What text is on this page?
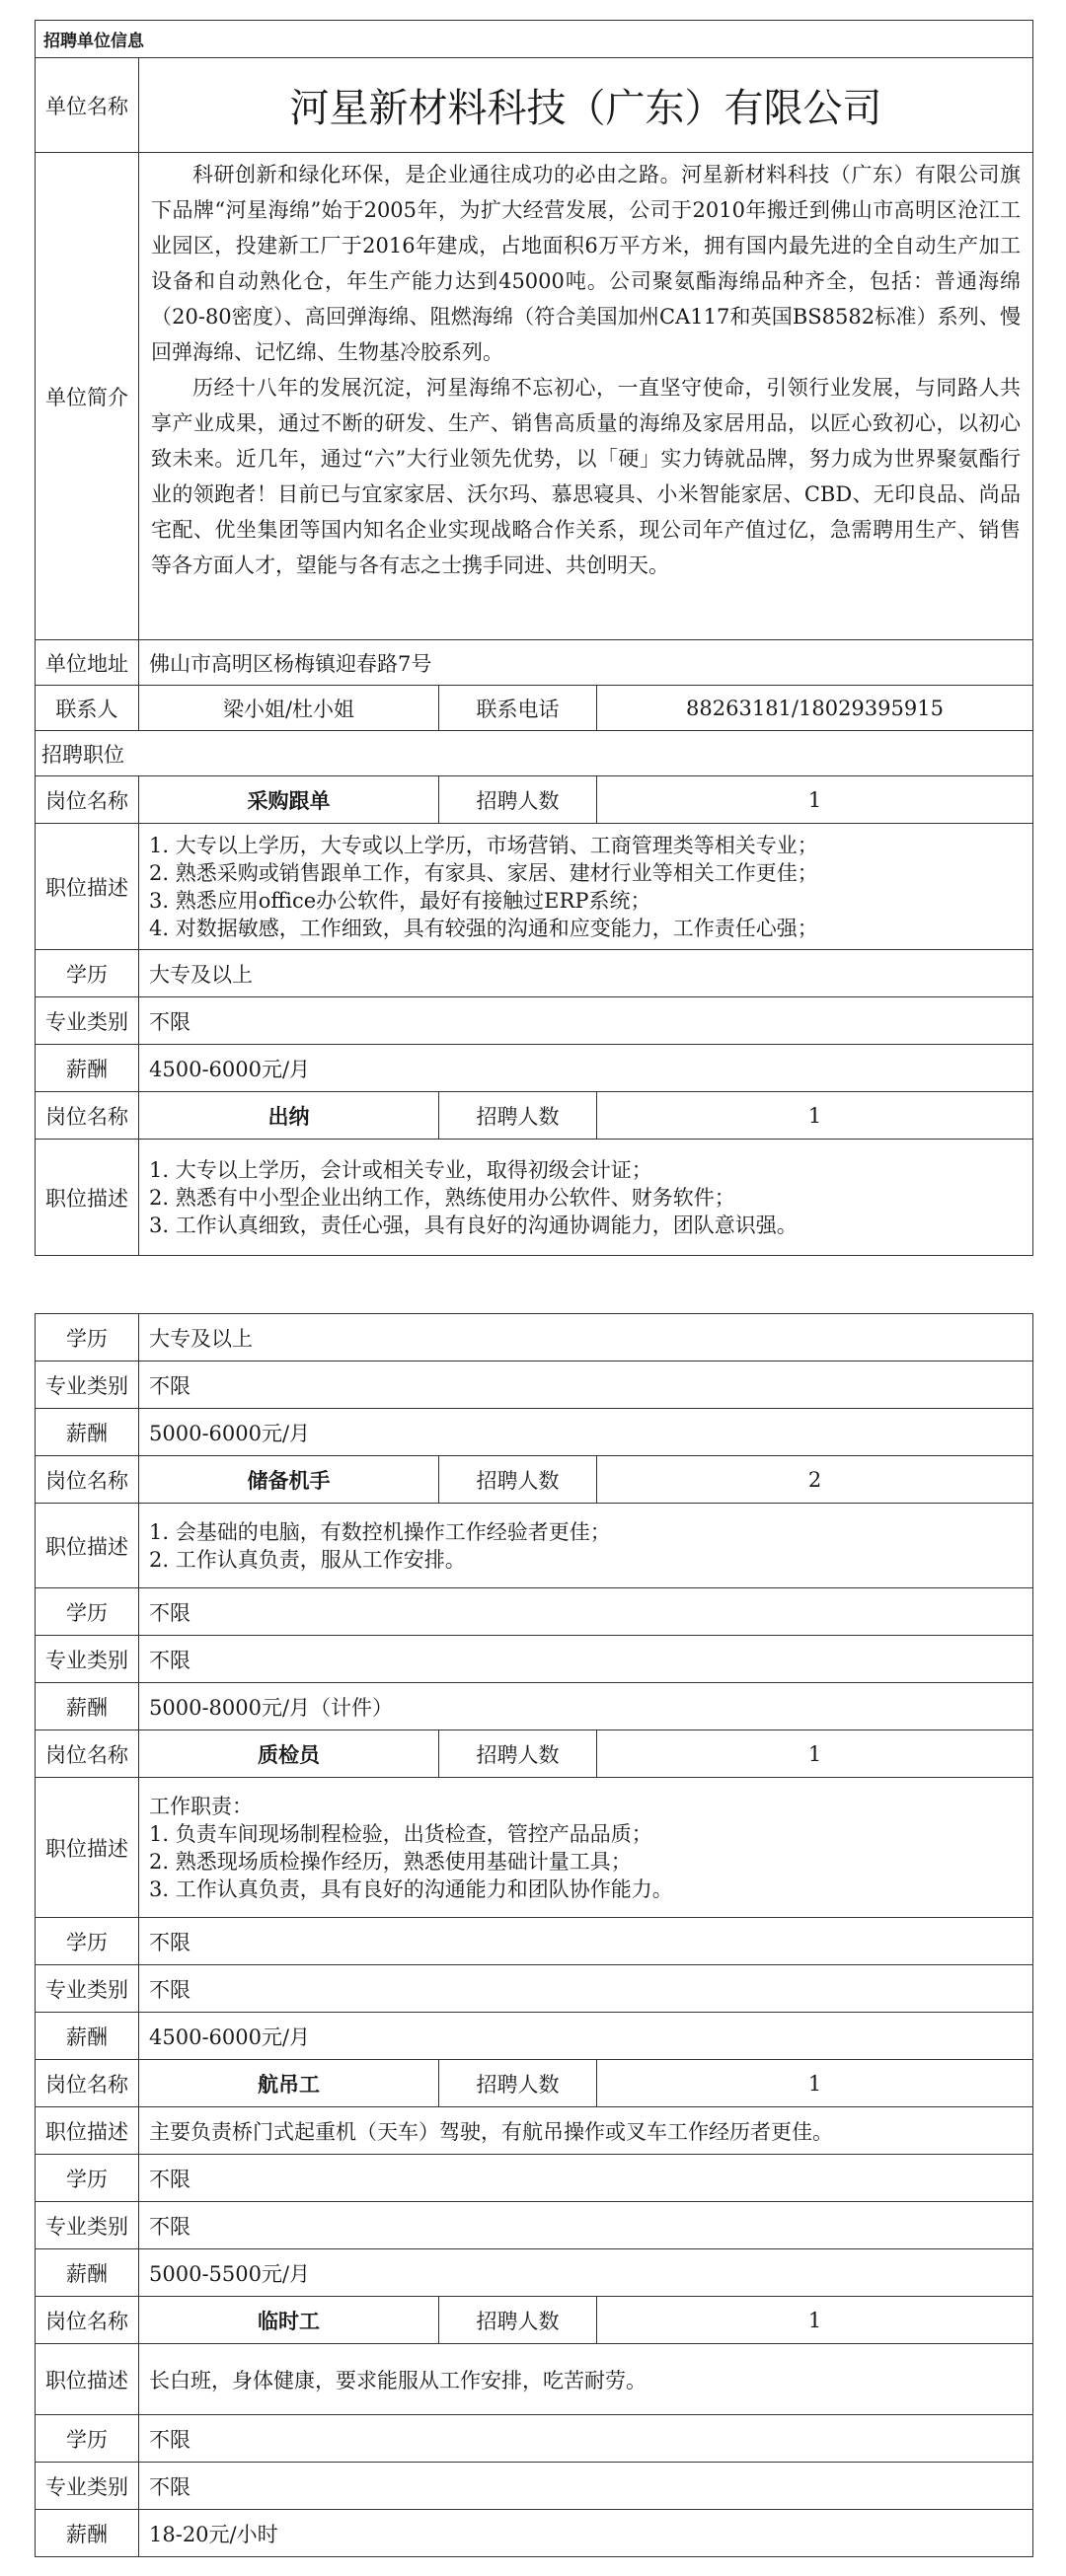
招聘单位信息			
单位名称	河星新材料科技（广东）有限公司		
单位简介	科研创新和绿化环保，是企业通往成功的必由之路。河星新材料科技（广东）有限公司旗下品牌“河星海绵”始于2005年，为扩大经营发展，公司于2010年搬迁到佛山市高明区沧江工业园区，投建新工厂于2016年建成，占地面积6万平方米，拥有国内最先进的全自动生产加工设备和自动熟化仓，年生产能力达到45000吨。公司聚氨酯海绵品种齐全，包括：普通海绵（20-80密度）、高回弹海绵、阻燃海绵（符合美国加州CA117和英国BS8582标准）系列、慢回弹海绵、记忆绵、生物基冷胶系列。

历经十八年的发展沉淀，河星海绵不忘初心，一直坚守使命，引领行业发展，与同路人共享产业成果，通过不断的研发、生产、销售高质量的海绵及家居用品，以匠心致初心，以初心致未来。近几年，通过“六”大行业领先优势，以「硬」实力铸就品牌，努力成为世界聚氨酯行业的领跑者！目前已与宜家家居、沃尔玛、慕思寝具、小米智能家居、CBD、无印良品、尚品宅配、优坐集团等国内知名企业实现战略合作关系，现公司年产值过亿，急需聘用生产、销售等各方面人才，望能与各有志之士携手同进、共创明天。		

单位地址	佛山市高明区杨梅镇迎春路7号		
联系人	梁小姐/杜小姐	联系电话	88263181/18029395915
招聘职位			
岗位名称	采购跟单	招聘人数	1
职位描述	1. 大专以上学历，大专或以上学历，市场营销、工商管理类等相关专业；
2. 熟悉采购或销售跟单工作，有家具、家居、建材行业等相关工作更佳；
3. 熟悉应用office办公软件，最好有接触过ERP系统；
4. 对数据敏感，工作细致，具有较强的沟通和应变能力，工作责任心强；		

学历	大专及以上		
专业类别	不限		
薪酬	4500-6000元/月		
岗位名称	出纳	招聘人数	1
职位描述	1. 大专以上学历，会计或相关专业，取得初级会计证；
2. 熟悉有中小型企业出纳工作，熟练使用办公软件、财务软件；
3. 工作认真细致，责任心强，具有良好的沟通协调能力，团队意识强。		
学历	大专及以上		
专业类别	不限		
薪酬	5000-6000元/月		
岗位名称	储备机手	招聘人数	2
职位描述	1. 会基础的电脑，有数控机操作工作经验者更佳；
2. 工作认真负责，服从工作安排。		

学历	不限		
专业类别	不限		
薪酬	5000-8000元/月（计件）		
岗位名称	质检员	招聘人数	1
职位描述	工作职责：
1. 负责车间现场制程检验，出货检查，管控产品品质；
2. 熟悉现场质检操作经历，熟悉使用基础计量工具；
3. 工作认真负责，具有良好的沟通能力和团队协作能力。		

学历	不限		
专业类别	不限		
薪酬	4500-6000元/月		
岗位名称	航吊工	招聘人数	1
职位描述	主要负责桥门式起重机（天车）驾驶，有航吊操作或叉车工作经历者更佳。		
学历	不限		
专业类别	不限		
薪酬	5000-5500元/月		
岗位名称	临时工	招聘人数	1
职位描述	长白班，身体健康，要求能服从工作安排，吃苦耐劳。		
学历	不限		
专业类别	不限		
薪酬	18-20元/小时		
